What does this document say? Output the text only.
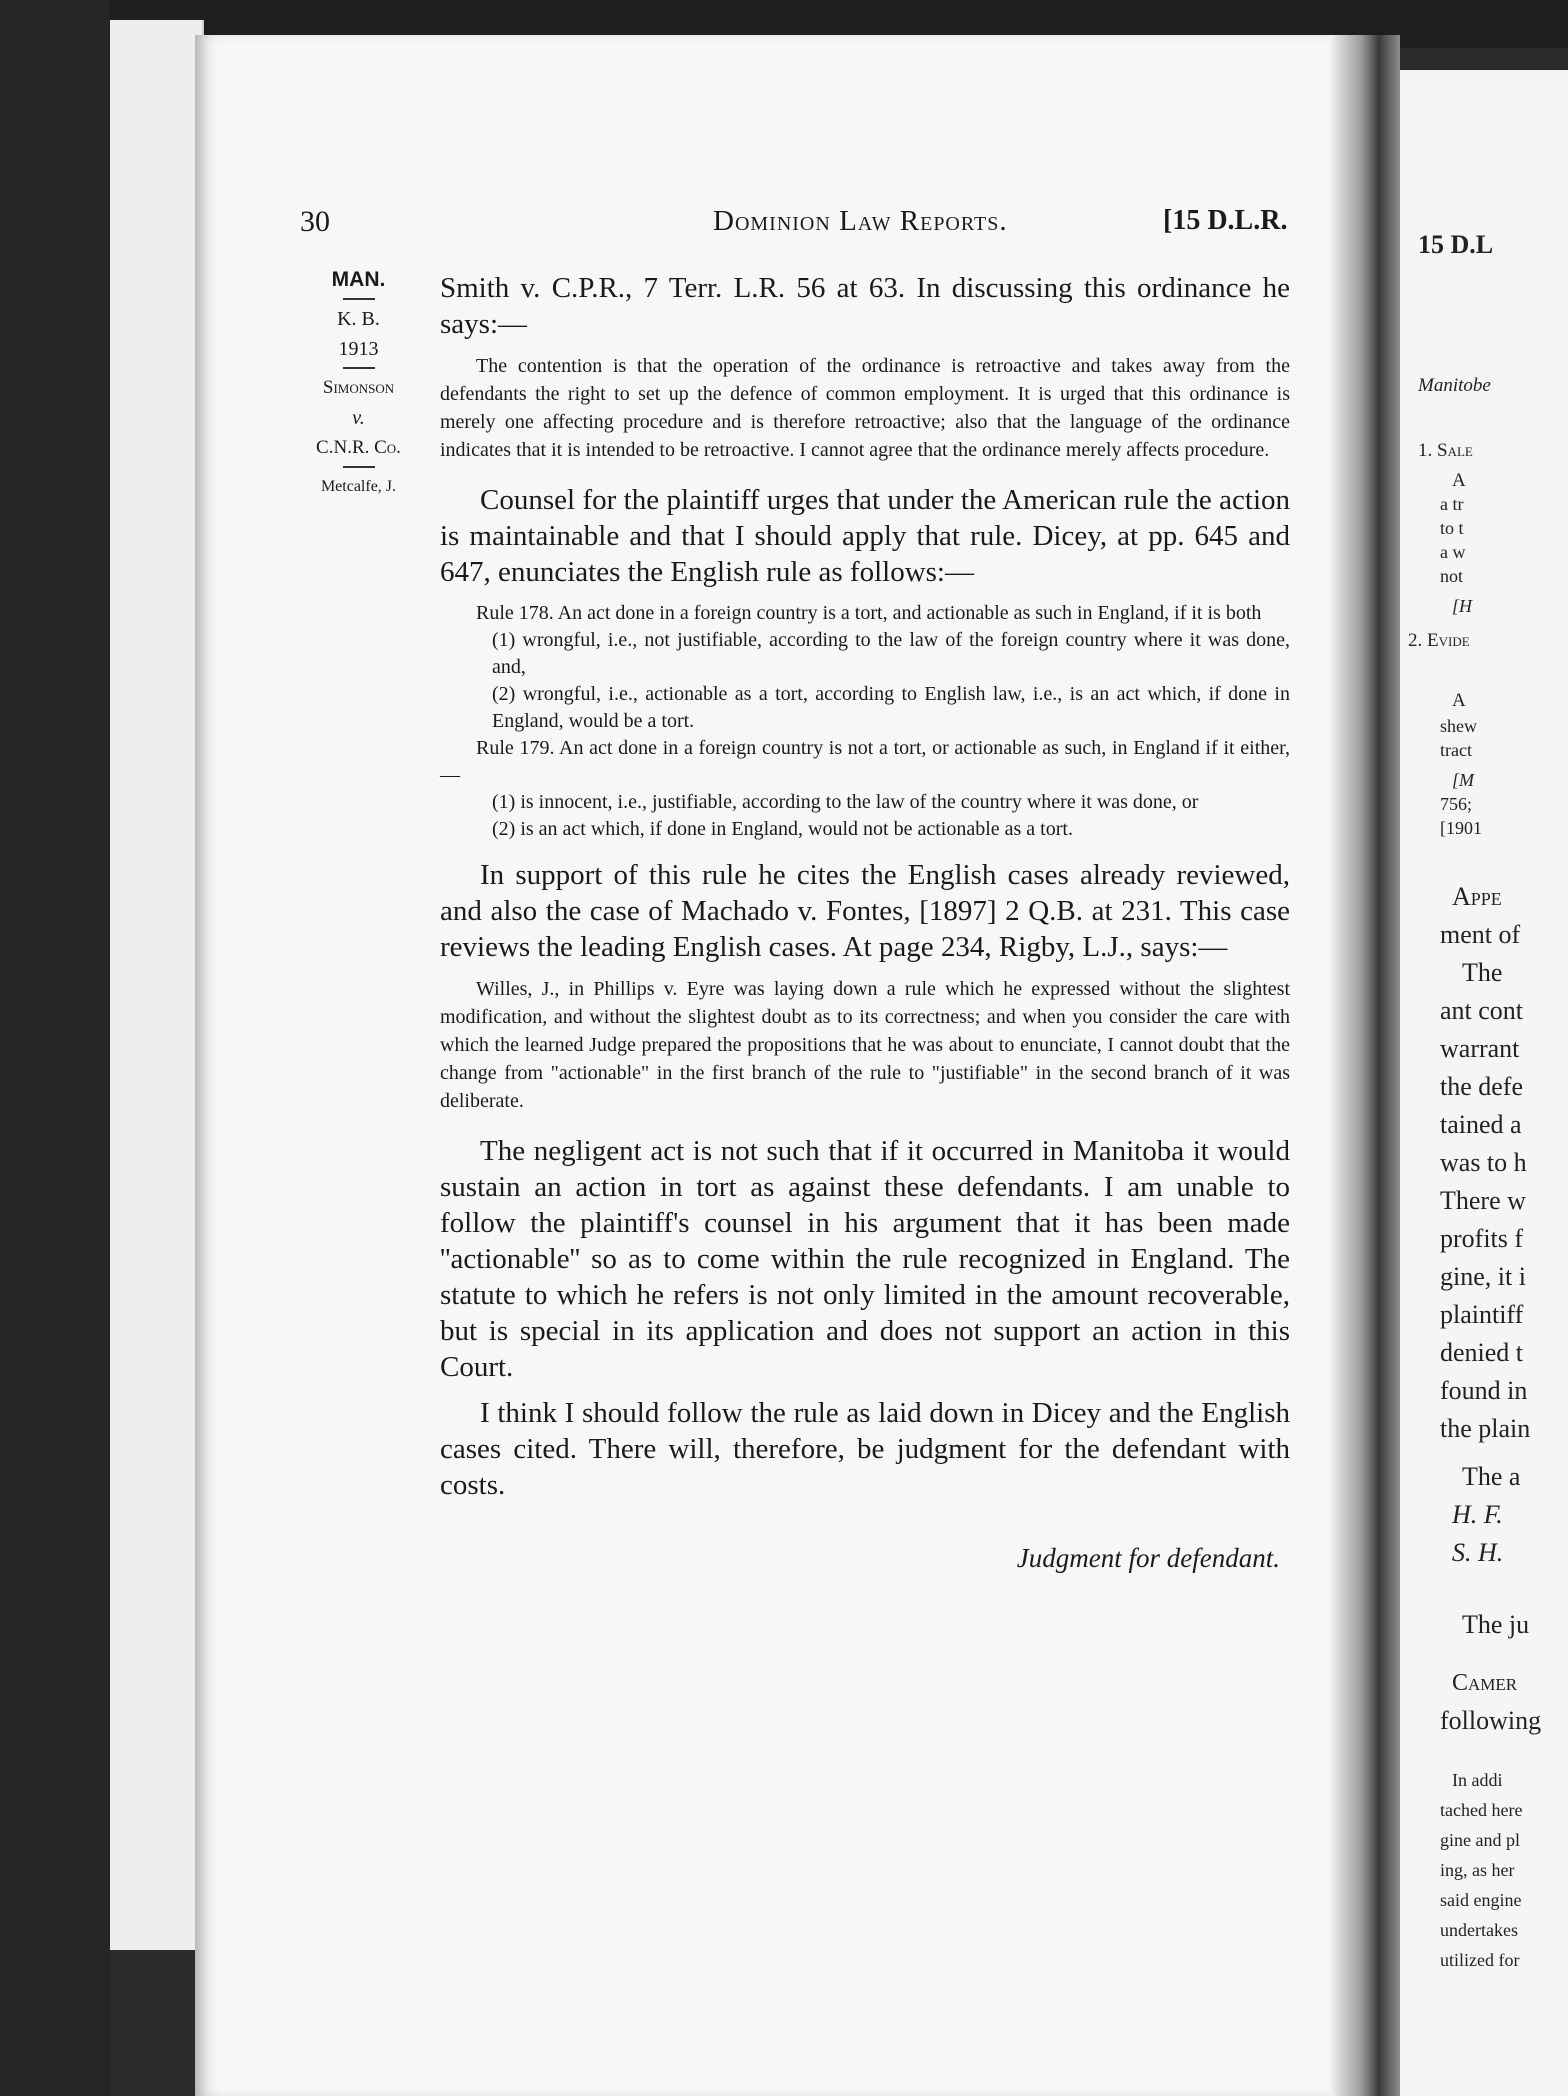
30	Dominion Law Reports.	[15 D.L.R.
MAN.
K. B.
1913
Simonson
v.
C.N.R. Co.
Metcalfe, J.

Smith v. C.P.R., 7 Terr. L.R. 56 at 63. In discussing this ordinance he says:—

The contention is that the operation of the ordinance is retroactive and takes away from the defendants the right to set up the defence of common employment. It is urged that this ordinance is merely one affecting procedure and is therefore retroactive; also that the language of the ordinance indicates that it is intended to be retroactive. I cannot agree that the ordinance merely affects procedure.

Counsel for the plaintiff urges that under the American rule the action is maintainable and that I should apply that rule. Dicey, at pp. 645 and 647, enunciates the English rule as follows:—

Rule 178. An act done in a foreign country is a tort, and actionable as such in England, if it is both

(1) wrongful, i.e., not justifiable, according to the law of the foreign country where it was done, and,

(2) wrongful, i.e., actionable as a tort, according to English law, i.e., is an act which, if done in England, would be a tort.

Rule 179. An act done in a foreign country is not a tort, or actionable as such, in England if it either,—

(1) is innocent, i.e., justifiable, according to the law of the country where it was done, or

(2) is an act which, if done in England, would not be actionable as a tort.

In support of this rule he cites the English cases already reviewed, and also the case of Machado v. Fontes, [1897] 2 Q.B. at 231. This case reviews the leading English cases. At page 234, Rigby, L.J., says:—

Willes, J., in Phillips v. Eyre was laying down a rule which he expressed without the slightest modification, and without the slightest doubt as to its correctness; and when you consider the care with which the learned Judge prepared the propositions that he was about to enunciate, I cannot doubt that the change from "actionable" in the first branch of the rule to "justifiable" in the second branch of it was deliberate.

The negligent act is not such that if it occurred in Manitoba it would sustain an action in tort as against these defendants. I am unable to follow the plaintiff's counsel in his argument that it has been made ''actionable'' so as to come within the rule recognized in England. The statute to which he refers is not only limited in the amount recoverable, but is special in its application and does not support an action in this Court.

I think I should follow the rule as laid down in Dicey and the English cases cited. There will, therefore, be judgment for the defendant with costs.

Judgment for defendant.
15 D.L
Manitobe
1. Sale
A
a tr
to t
a w
not
[H
2. Evide
A
shew
tract
[M
756;
[1901
Appe
ment of
The
ant cont
warrant
the defe
tained a
was to h
There w
profits f
gine, it i
plaintiff
denied t
found in
the plain
The a
H. F.
S. H.
The ju
Camer
following
In addi
tached here
gine and pl
ing, as her
said engine
undertakes
utilized for
